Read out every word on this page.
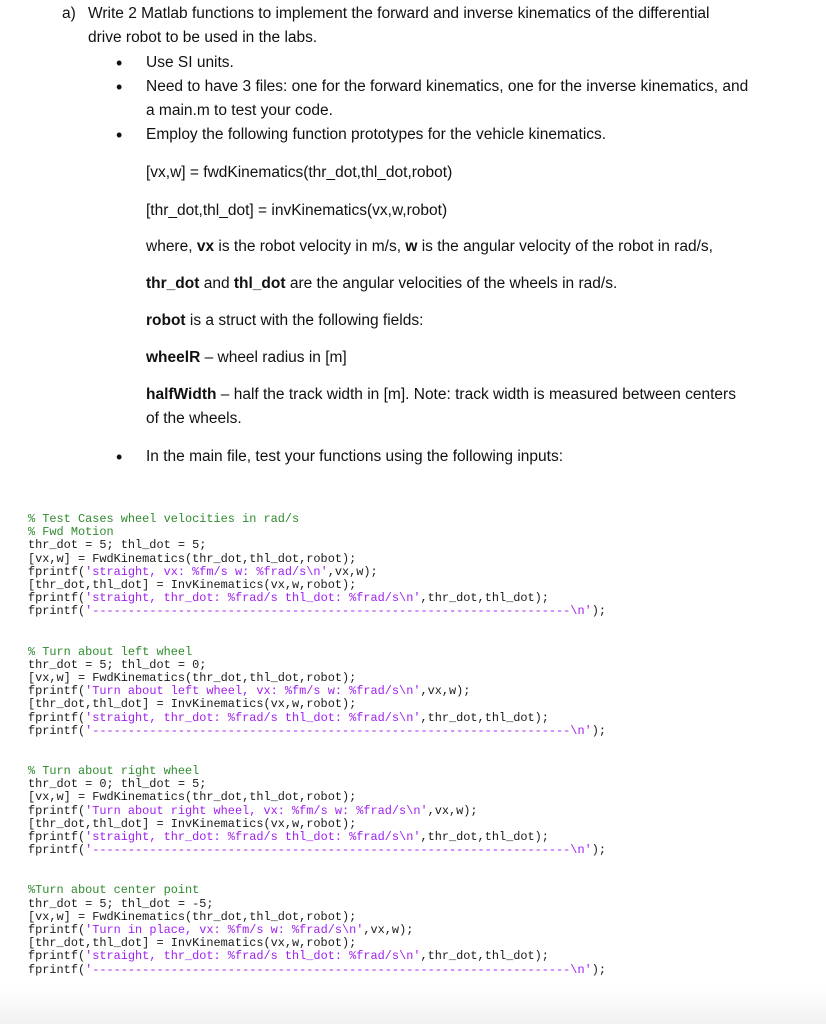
a) Write 2 Matlab functions to implement the forward and inverse kinematics of the differential
drive robot to be used in the labs.
• Use SI units.
• Need to have 3 files: one for the forward kinematics, one for the inverse kinematics, and
a main.m to test your code.
• Employ the following function prototypes for the vehicle kinematics.
[vx,w] = fwdKinematics(thr_dot,thl_dot,robot)
[thr_dot,thl_dot] = invKinematics(vx,w,robot)
where, vx is the robot velocity in m/s, w is the angular velocity of the robot in rad/s,
thr_dot and thl_dot are the angular velocities of the wheels in rad/s.
robot is a struct with the following fields:
wheelR – wheel radius in [m]
halfWidth – half the track width in [m]. Note: track width is measured between centers
of the wheels.
• In the main file, test your functions using the following inputs:
% Test Cases wheel velocities in rad/s
% Fwd Motion
thr_dot = 5; thl_dot = 5;
[vx,w] = FwdKinematics(thr_dot,thl_dot,robot);
fprintf('straight, vx: %fm/s w: %frad/s\n',vx,w);
[thr_dot,thl_dot] = InvKinematics(vx,w,robot);
fprintf('straight, thr_dot: %frad/s thl_dot: %frad/s\n',thr_dot,thl_dot);
fprintf('-------------------------------------------------------------------\n');
% Turn about left wheel
thr_dot = 5; thl_dot = 0;
[vx,w] = FwdKinematics(thr_dot,thl_dot,robot);
fprintf('Turn about left wheel, vx: %fm/s w: %frad/s\n',vx,w);
[thr_dot,thl_dot] = InvKinematics(vx,w,robot);
fprintf('straight, thr_dot: %frad/s thl_dot: %frad/s\n',thr_dot,thl_dot);
fprintf('-------------------------------------------------------------------\n');
% Turn about right wheel
thr_dot = 0; thl_dot = 5;
[vx,w] = FwdKinematics(thr_dot,thl_dot,robot);
fprintf('Turn about right wheel, vx: %fm/s w: %frad/s\n',vx,w);
[thr_dot,thl_dot] = InvKinematics(vx,w,robot);
fprintf('straight, thr_dot: %frad/s thl_dot: %frad/s\n',thr_dot,thl_dot);
fprintf('-------------------------------------------------------------------\n');
%Turn about center point
thr_dot = 5; thl_dot = -5;
[vx,w] = FwdKinematics(thr_dot,thl_dot,robot);
fprintf('Turn in place, vx: %fm/s w: %frad/s\n',vx,w);
[thr_dot,thl_dot] = InvKinematics(vx,w,robot);
fprintf('straight, thr_dot: %frad/s thl_dot: %frad/s\n',thr_dot,thl_dot);
fprintf('-------------------------------------------------------------------\n');
